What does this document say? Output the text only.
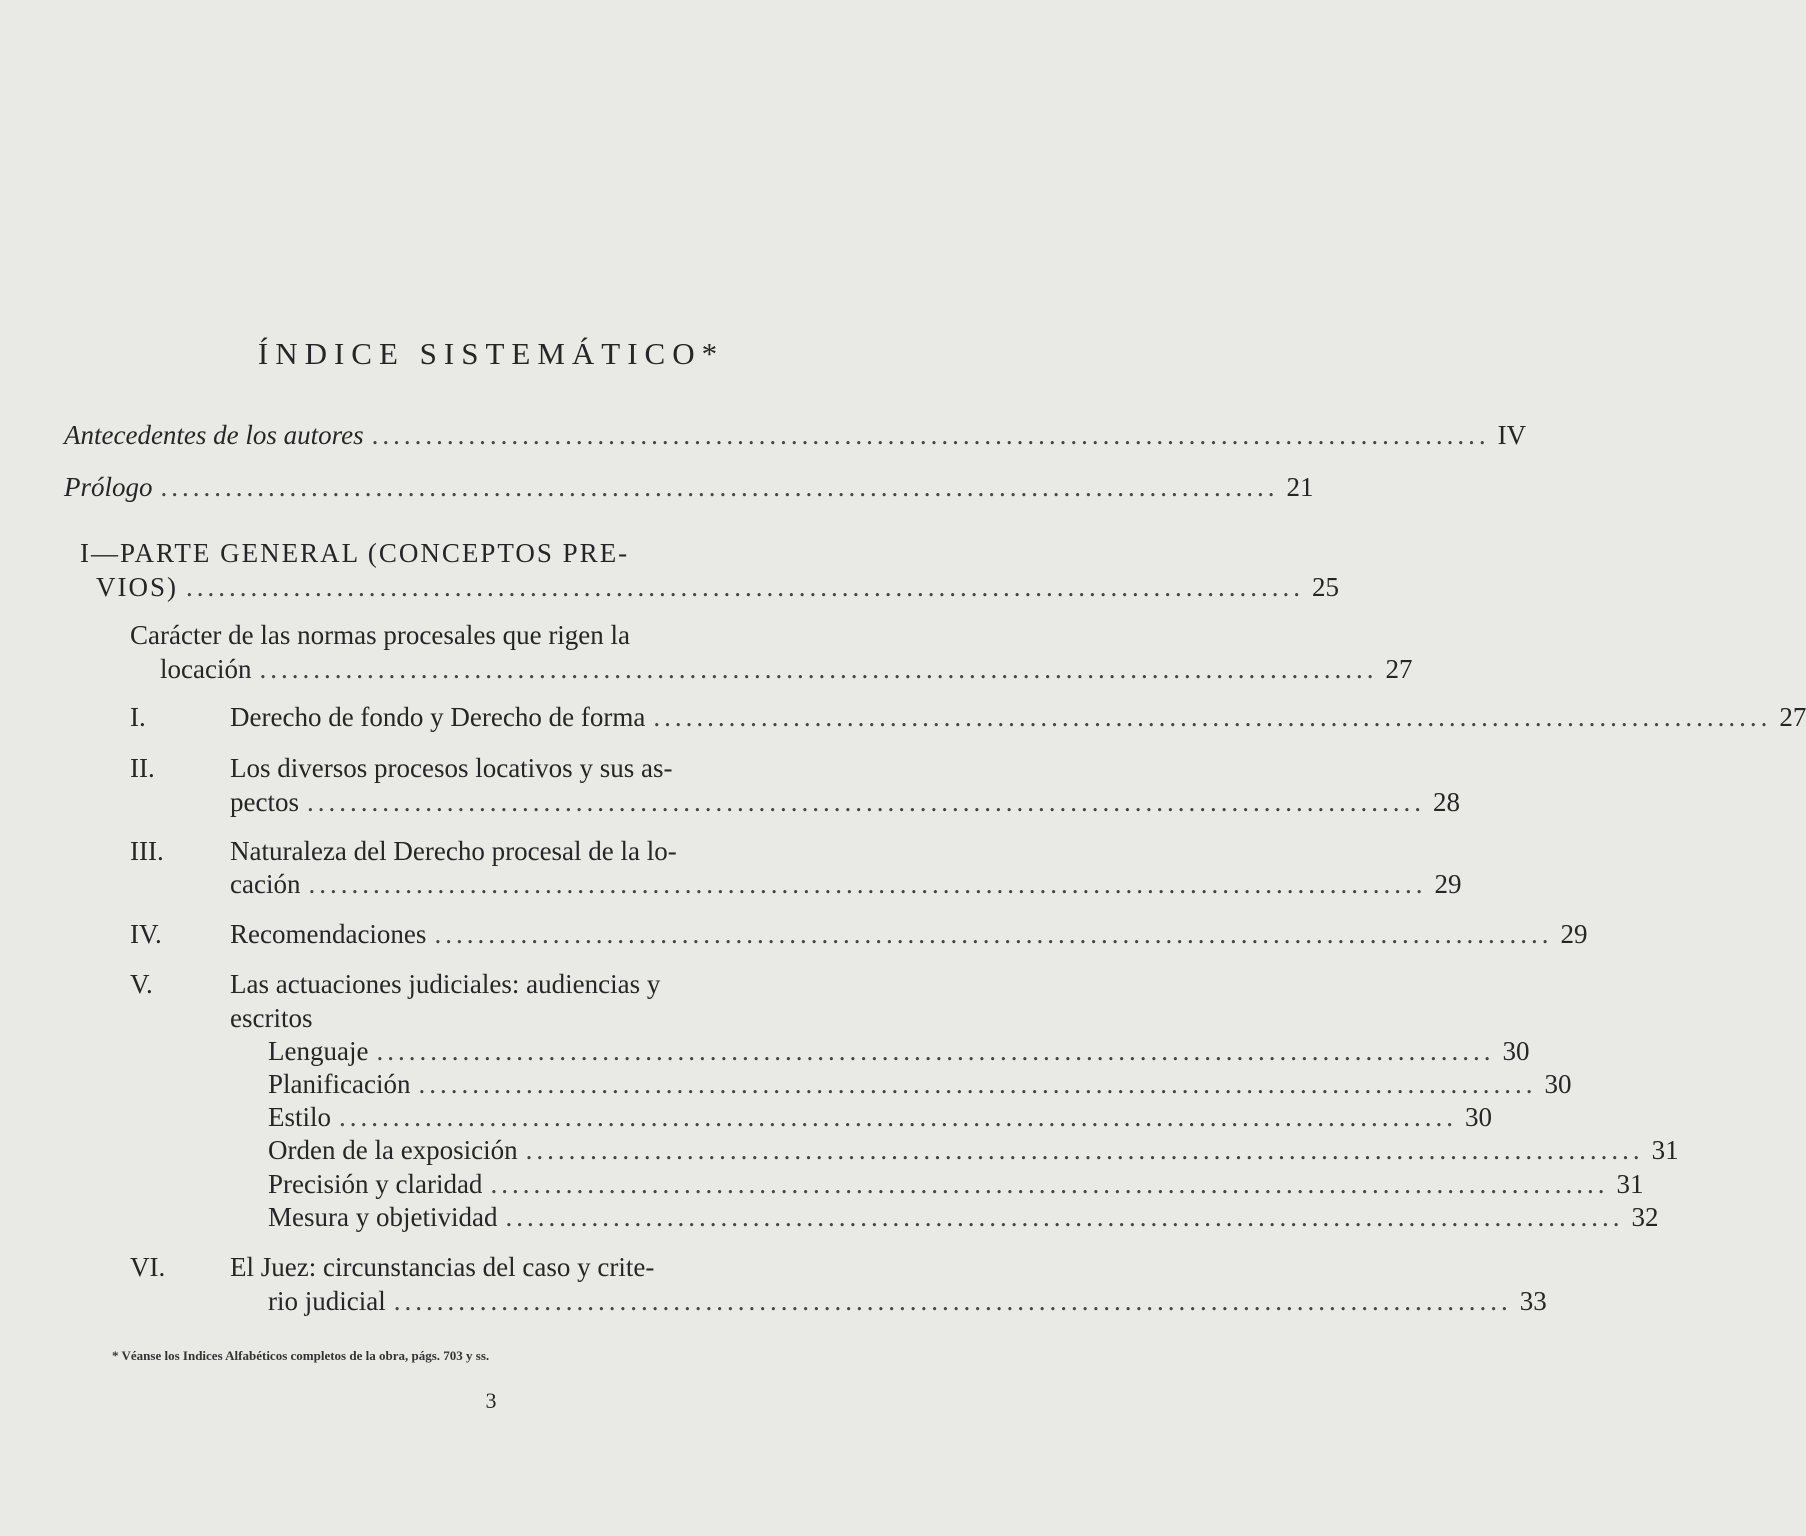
ÍNDICE SISTEMÁTICO*
Antecedentes de los autores ........................................................................................................ IV
Prólogo ........................................................................................................ 21
I—PARTE GENERAL (CONCEPTOS PRE-
VIOS) ........................................................................................................ 25
Carácter de las normas procesales que rigen la
locación ........................................................................................................ 27
I.	Derecho de fondo y Derecho de forma ........................................................................................................ 27
II.	Los diversos procesos locativos y sus as-
pectos ........................................................................................................ 28
III. Naturaleza del Derecho procesal de la lo-
cación ........................................................................................................ 29
IV.	Recomendaciones ........................................................................................................ 29
V.	Las actuaciones judiciales: audiencias y
escritos
Lenguaje ........................................................................................................ 30
Planificación ........................................................................................................ 30
Estilo ........................................................................................................ 30
Orden de la exposición ........................................................................................................ 31
Precisión y claridad ........................................................................................................ 31
Mesura y objetividad ........................................................................................................ 32
VI. El Juez: circunstancias del caso y crite-
rio judicial ........................................................................................................ 33
* Véanse los Indices Alfabéticos completos de la obra, págs. 703 y ss.
3
